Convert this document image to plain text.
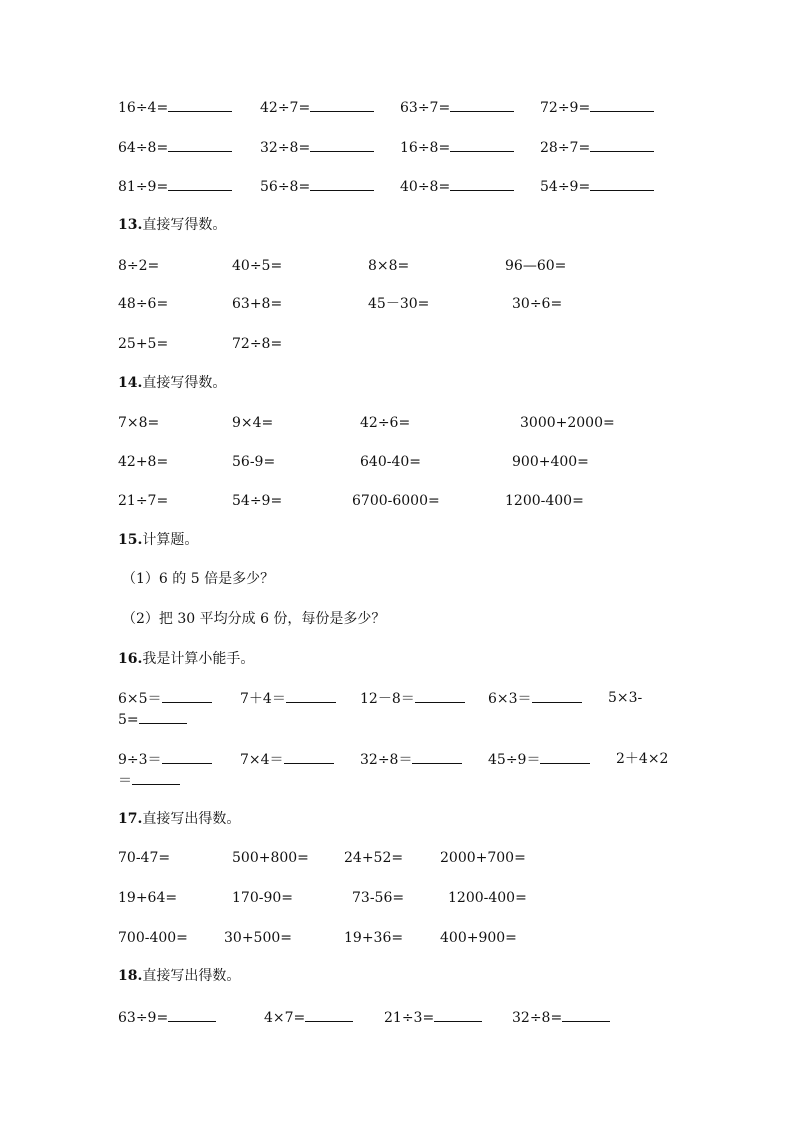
16÷4=	42÷7=	63÷7=	72÷9=
64÷8=	32÷8=	16÷8=	28÷7=
81÷9=	56÷8=	40÷8=	54÷9=
13.直接写得数。
8÷2=	40÷5=	8×8=	96—60=
48÷6=	63+8=	45－30=	30÷6=
25+5=	72÷8=
14.直接写得数。
7×8=	9×4=	42÷6=	3000+2000=
42+8=	56-9=	640-40=	900+400=
21÷7=	54÷9=	6700-6000=	1200-400=
15.计算题。
（1）6 的 5 倍是多少？
（2）把 30 平均分成 6 份，每份是多少？
16.我是计算小能手。
6×5＝	7＋4＝	12－8＝	6×3＝	5×3-
5=
9÷3＝	7×4＝	32÷8＝	45÷9＝	2＋4×2
＝
17.直接写出得数。
70-47=	500+800=	24+52=	2000+700=
19+64=	170-90=	73-56=	1200-400=
700-400=	30+500=	19+36=	400+900=
18.直接写出得数。
63÷9=	4×7=	21÷3=	32÷8=
